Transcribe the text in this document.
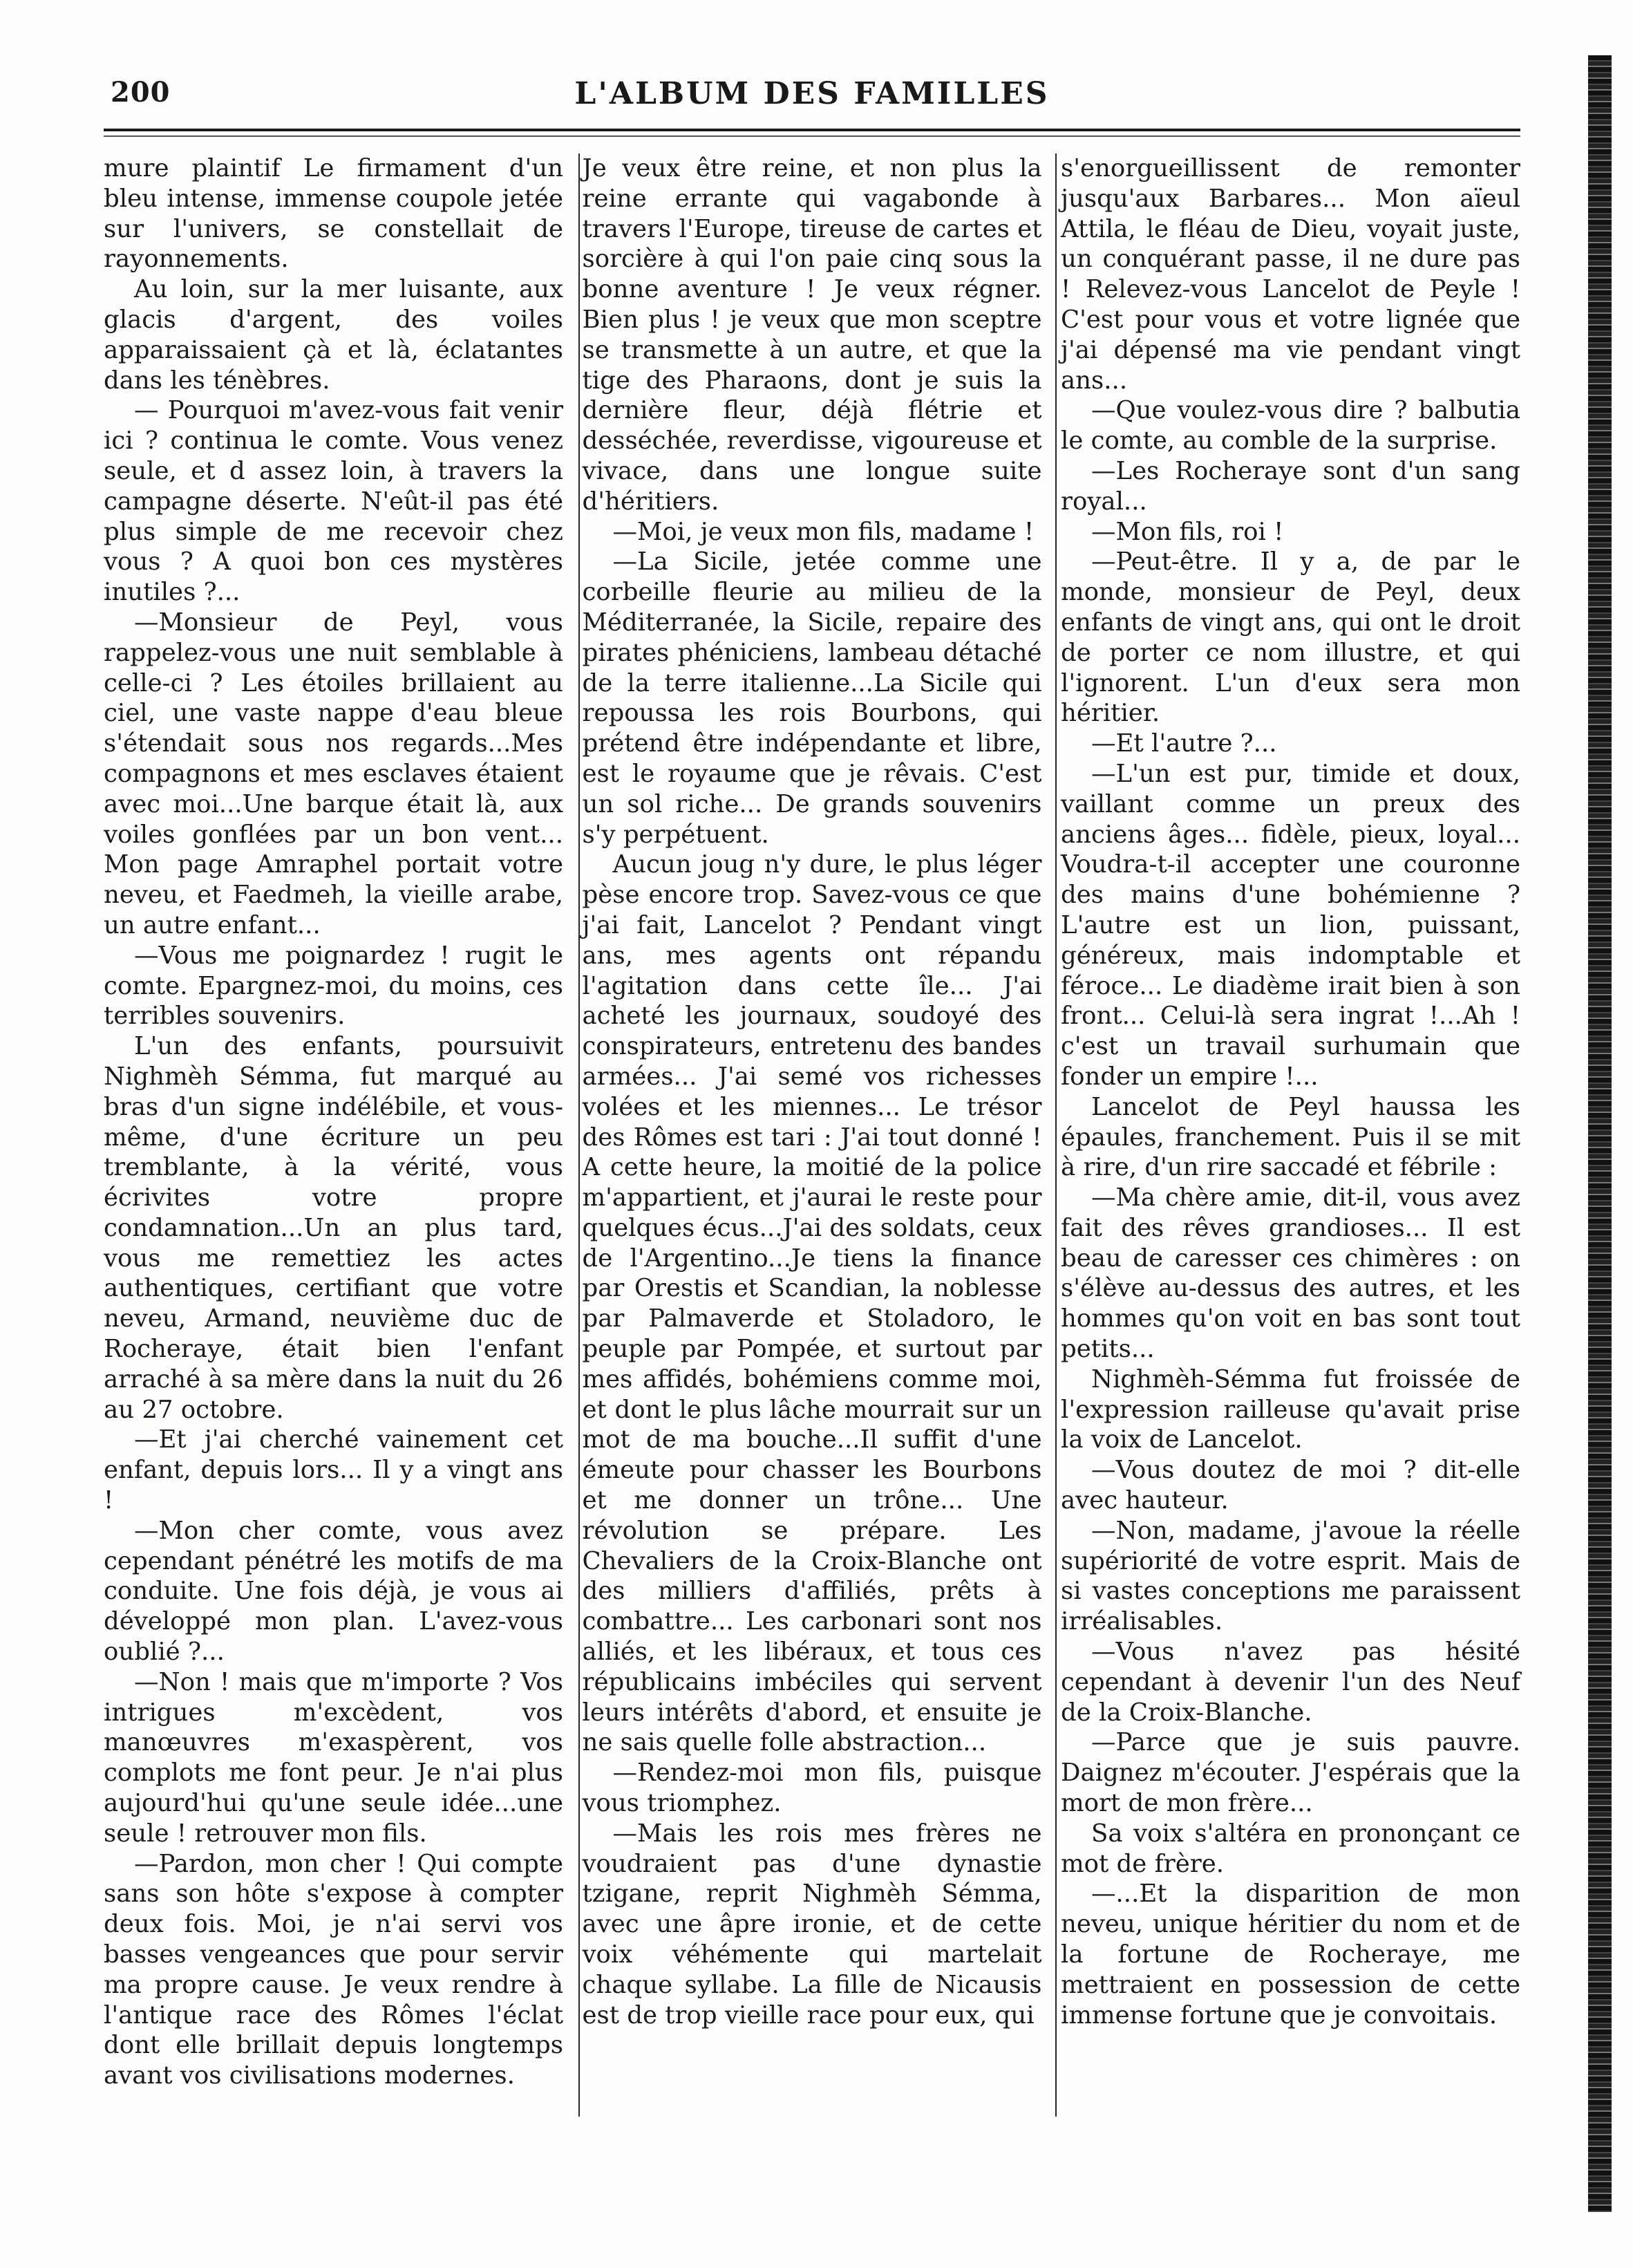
200	L'ALBUM DES FAMILLES

mure plaintif Le firmament d'un bleu intense, immense coupole jetée sur l'univers, se constellait de rayonnements.

Au loin, sur la mer luisante, aux glacis d'argent, des voiles apparaissaient çà et là, éclatantes dans les ténèbres.

— Pourquoi m'avez-vous fait venir ici ? continua le comte. Vous venez seule, et d assez loin, à travers la campagne déserte. N'eût-il pas été plus simple de me recevoir chez vous ? A quoi bon ces mystères inutiles ?...

—Monsieur de Peyl, vous rappelez-vous une nuit semblable à celle-ci ? Les étoiles brillaient au ciel, une vaste nappe d'eau bleue s'étendait sous nos regards...Mes compagnons et mes esclaves étaient avec moi...Une barque était là, aux voiles gonflées par un bon vent... Mon page Amraphel portait votre neveu, et Faedmeh, la vieille arabe, un autre enfant...

—Vous me poignardez ! rugit le comte. Epargnez-moi, du moins, ces terribles souvenirs.

L'un des enfants, poursuivit Nighmèh Sémma, fut marqué au bras d'un signe indélébile, et vous-même, d'une écriture un peu tremblante, à la vérité, vous écrivites votre propre condamnation...Un an plus tard, vous me remettiez les actes authentiques, certifiant que votre neveu, Armand, neuvième duc de Rocheraye, était bien l'enfant arraché à sa mère dans la nuit du 26 au 27 octobre.

—Et j'ai cherché vainement cet enfant, depuis lors... Il y a vingt ans !

—Mon cher comte, vous avez cependant pénétré les motifs de ma conduite. Une fois déjà, je vous ai développé mon plan. L'avez-vous oublié ?...

—Non ! mais que m'importe ? Vos intrigues m'excèdent, vos manœuvres m'exaspèrent, vos complots me font peur. Je n'ai plus aujourd'hui qu'une seule idée...une seule ! retrouver mon fils.

—Pardon, mon cher ! Qui compte sans son hôte s'expose à compter deux fois. Moi, je n'ai servi vos basses vengeances que pour servir ma propre cause. Je veux rendre à l'antique race des Rômes l'éclat dont elle brillait depuis longtemps avant vos civilisations modernes.

Je veux être reine, et non plus la reine errante qui vagabonde à travers l'Europe, tireuse de cartes et sorcière à qui l'on paie cinq sous la bonne aventure ! Je veux régner. Bien plus ! je veux que mon sceptre se transmette à un autre, et que la tige des Pharaons, dont je suis la dernière fleur, déjà flétrie et desséchée, reverdisse, vigoureuse et vivace, dans une longue suite d'héritiers.

—Moi, je veux mon fils, madame !

—La Sicile, jetée comme une corbeille fleurie au milieu de la Méditerranée, la Sicile, repaire des pirates phéniciens, lambeau détaché de la terre italienne...La Sicile qui repoussa les rois Bourbons, qui prétend être indépendante et libre, est le royaume que je rêvais. C'est un sol riche... De grands souvenirs s'y perpétuent.

Aucun joug n'y dure, le plus léger pèse encore trop. Savez-vous ce que j'ai fait, Lancelot ? Pendant vingt ans, mes agents ont répandu l'agitation dans cette île... J'ai acheté les journaux, soudoyé des conspirateurs, entretenu des bandes armées... J'ai semé vos richesses volées et les miennes... Le trésor des Rômes est tari : J'ai tout donné ! A cette heure, la moitié de la police m'appartient, et j'aurai le reste pour quelques écus...J'ai des soldats, ceux de l'Argentino...Je tiens la finance par Orestis et Scandian, la noblesse par Palmaverde et Stoladoro, le peuple par Pompée, et surtout par mes affidés, bohémiens comme moi, et dont le plus lâche mourrait sur un mot de ma bouche...Il suffit d'une émeute pour chasser les Bourbons et me donner un trône... Une révolution se prépare. Les Chevaliers de la Croix-Blanche ont des milliers d'affiliés, prêts à combattre... Les carbonari sont nos alliés, et les libéraux, et tous ces républicains imbéciles qui servent leurs intérêts d'abord, et ensuite je ne sais quelle folle abstraction...

—Rendez-moi mon fils, puisque vous triomphez.

—Mais les rois mes frères ne voudraient pas d'une dynastie tzigane, reprit Nighmèh Sémma, avec une âpre ironie, et de cette voix véhémente qui martelait chaque syllabe. La fille de Nicausis est de trop vieille race pour eux, qui

s'enorgueillissent de remonter jusqu'aux Barbares... Mon aïeul Attila, le fléau de Dieu, voyait juste, un conquérant passe, il ne dure pas ! Relevez-vous Lancelot de Peyle ! C'est pour vous et votre lignée que j'ai dépensé ma vie pendant vingt ans...

—Que voulez-vous dire ? balbutia le comte, au comble de la surprise.

—Les Rocheraye sont d'un sang royal...

—Mon fils, roi !

—Peut-être. Il y a, de par le monde, monsieur de Peyl, deux enfants de vingt ans, qui ont le droit de porter ce nom illustre, et qui l'ignorent. L'un d'eux sera mon héritier.

—Et l'autre ?...

—L'un est pur, timide et doux, vaillant comme un preux des anciens âges... fidèle, pieux, loyal... Voudra-t-il accepter une couronne des mains d'une bohémienne ? L'autre est un lion, puissant, généreux, mais indomptable et féroce... Le diadème irait bien à son front... Celui-là sera ingrat !...Ah ! c'est un travail surhumain que fonder un empire !...

Lancelot de Peyl haussa les épaules, franchement. Puis il se mit à rire, d'un rire saccadé et fébrile :

—Ma chère amie, dit-il, vous avez fait des rêves grandioses... Il est beau de caresser ces chimères : on s'élève au-dessus des autres, et les hommes qu'on voit en bas sont tout petits...

Nighmèh-Sémma fut froissée de l'expression railleuse qu'avait prise la voix de Lancelot.

—Vous doutez de moi ? dit-elle avec hauteur.

—Non, madame, j'avoue la réelle supériorité de votre esprit. Mais de si vastes conceptions me paraissent irréalisables.

—Vous n'avez pas hésité cependant à devenir l'un des Neuf de la Croix-Blanche.

—Parce que je suis pauvre. Daignez m'écouter. J'espérais que la mort de mon frère...

Sa voix s'altéra en prononçant ce mot de frère.

—...Et la disparition de mon neveu, unique héritier du nom et de la fortune de Rocheraye, me mettraient en possession de cette immense fortune que je convoitais.
